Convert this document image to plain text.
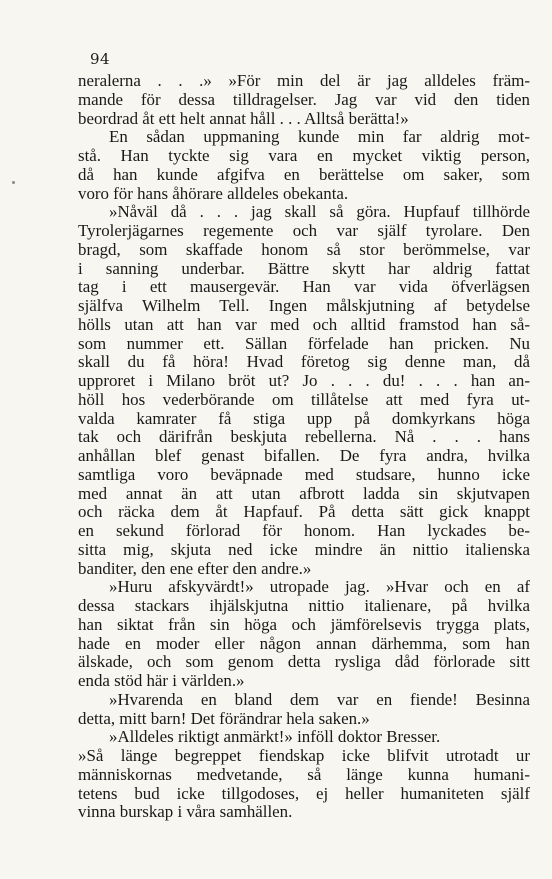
94
neralerna . . .» »För min del är jag alldeles främ-
mande för dessa tilldragelser. Jag var vid den tiden
beordrad åt ett helt annat håll . . . Alltså berätta!»
En sådan uppmaning kunde min far aldrig mot-
stå. Han tyckte sig vara en mycket viktig person,
då han kunde afgifva en berättelse om saker, som
voro för hans åhörare alldeles obekanta.
»Nåväl då . . . jag skall så göra. Hupfauf tillhörde
Tyrolerjägarnes regemente och var själf tyrolare. Den
bragd, som skaffade honom så stor berömmelse, var
i sanning underbar. Bättre skytt har aldrig fattat
tag i ett mausergevär. Han var vida öfverlägsen
själfva Wilhelm Tell. Ingen målskjutning af betydelse
hölls utan att han var med och alltid framstod han så-
som nummer ett. Sällan förfelade han pricken. Nu
skall du få höra! Hvad företog sig denne man, då
upproret i Milano bröt ut? Jo . . . du! . . . han an-
höll hos vederbörande om tillåtelse att med fyra ut-
valda kamrater få stiga upp på domkyrkans höga
tak och därifrån beskjuta rebellerna. Nå . . . hans
anhållan blef genast bifallen. De fyra andra, hvilka
samtliga voro beväpnade med studsare, hunno icke
med annat än att utan afbrott ladda sin skjutvapen
och räcka dem åt Hapfauf. På detta sätt gick knappt
en sekund förlorad för honom. Han lyckades be-
sitta mig, skjuta ned icke mindre än nittio italienska
banditer, den ene efter den andre.»
»Huru afskyvärdt!» utropade jag. »Hvar och en af
dessa stackars ihjälskjutna nittio italienare, på hvilka
han siktat från sin höga och jämförelsevis trygga plats,
hade en moder eller någon annan därhemma, som han
älskade, och som genom detta rysliga dåd förlorade sitt
enda stöd här i världen.»
»Hvarenda en bland dem var en fiende! Besinna
detta, mitt barn! Det förändrar hela saken.»
»Alldeles riktigt anmärkt!» inföll doktor Bresser.
»Så länge begreppet fiendskap icke blifvit utrotadt ur
människornas medvetande, så länge kunna humani-
tetens bud icke tillgodoses, ej heller humaniteten själf
vinna burskap i våra samhällen.
